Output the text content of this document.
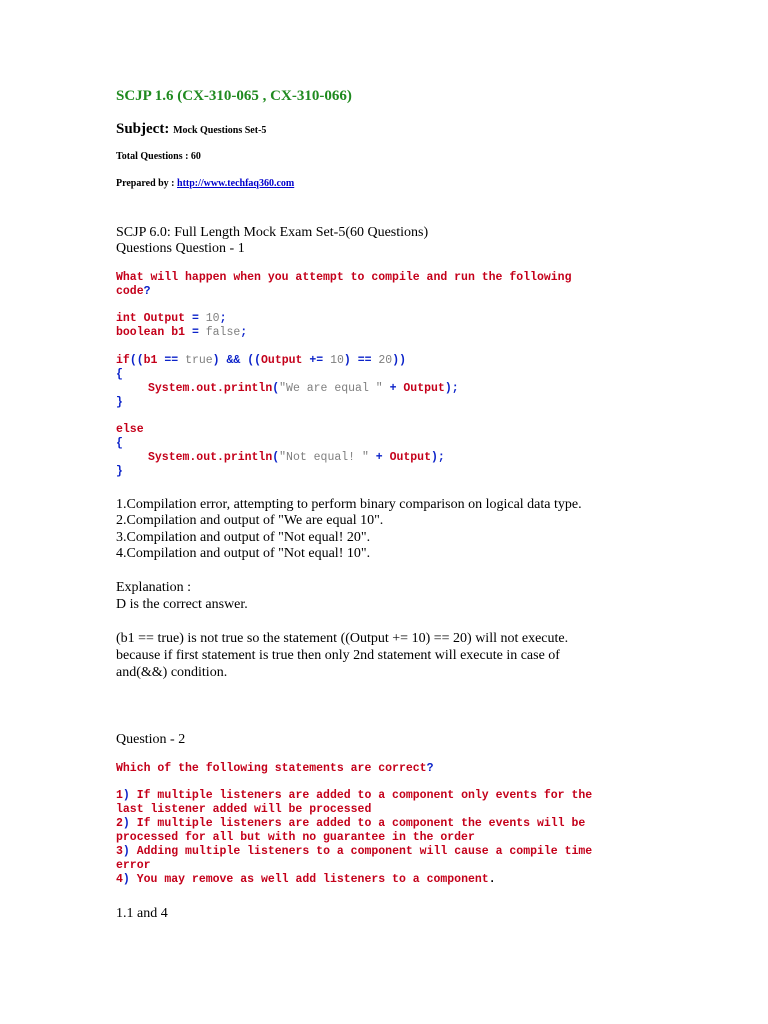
SCJP 1.6 (CX-310-065 , CX-310-066)
Subject: Mock Questions Set-5
Total Questions : 60
Prepared by : http://www.techfaq360.com
SCJP 6.0: Full Length Mock Exam Set-5(60 Questions)
Questions Question - 1
What will happen when you attempt to compile and run the following
code?
int Output = 10;
boolean b1 = false;
if((b1 == true) && ((Output += 10) == 20))
{
System.out.println("We are equal " + Output);
}
else
{
System.out.println("Not equal! " + Output);
}
1.Compilation error, attempting to perform binary comparison on logical data type.
2.Compilation and output of "We are equal 10".
3.Compilation and output of "Not equal! 20".
4.Compilation and output of "Not equal! 10".
Explanation :
D is the correct answer.
(b1 == true) is not true so the statement ((Output += 10) == 20) will not execute.
because if first statement is true then only 2nd statement will execute in case of
and(&&) condition.
Question - 2
Which of the following statements are correct?
1) If multiple listeners are added to a component only events for the
last listener added will be processed
2) If multiple listeners are added to a component the events will be
processed for all but with no guarantee in the order
3) Adding multiple listeners to a component will cause a compile time
error
4) You may remove as well add listeners to a component.
1.1 and 4
